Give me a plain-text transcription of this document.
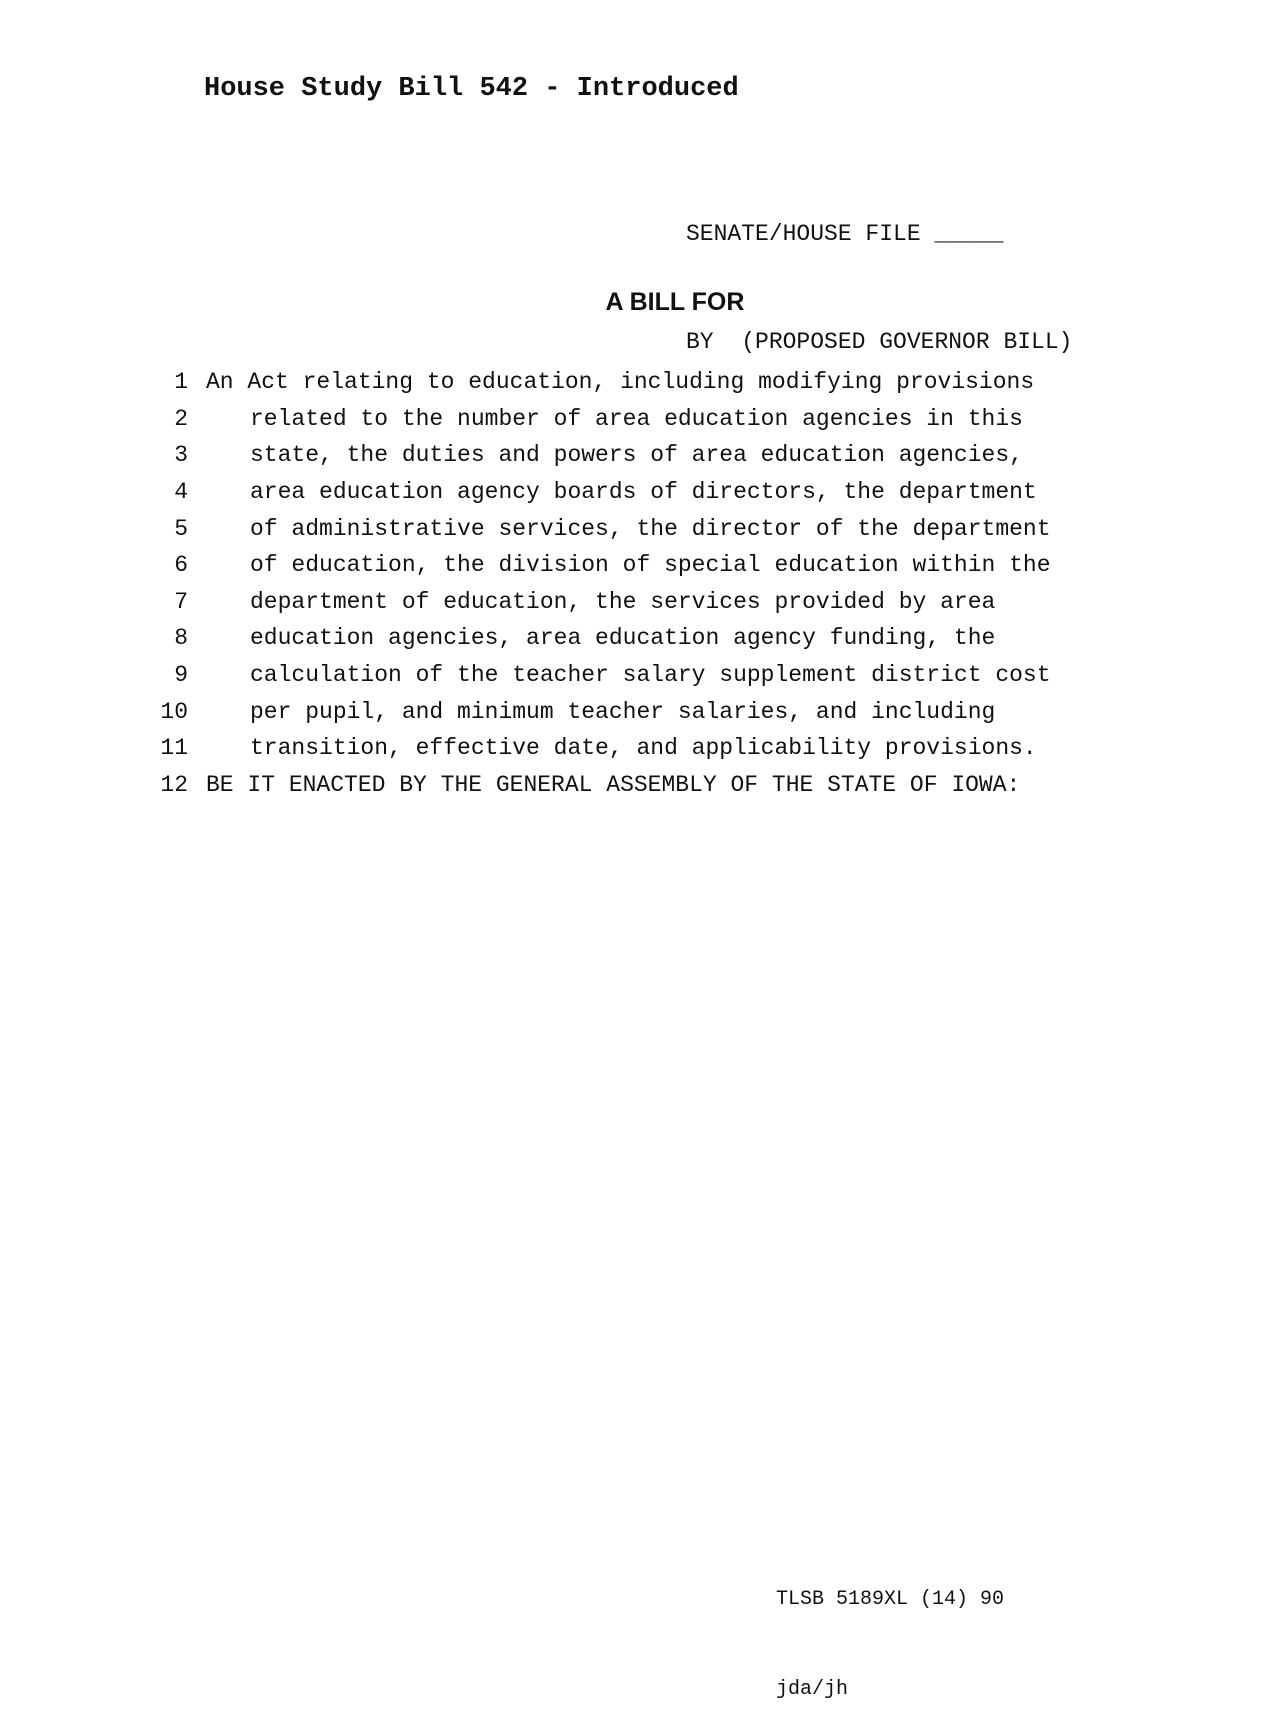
House Study Bill 542 - Introduced

SENATE/HOUSE FILE _____

BY  (PROPOSED GOVERNOR BILL)

A BILL FOR
1 An Act relating to education, including modifying provisions
2	related to the number of area education agencies in this
3	state, the duties and powers of area education agencies,
4	area education agency boards of directors, the department
5	of administrative services, the director of the department
6	of education, the division of special education within the
7	department of education, the services provided by area
8	education agencies, area education agency funding, the
9	calculation of the teacher salary supplement district cost
10	per pupil, and minimum teacher salaries, and including
11	transition, effective date, and applicability provisions.
12 BE IT ENACTED BY THE GENERAL ASSEMBLY OF THE STATE OF IOWA:

TLSB 5189XL (14) 90

jda/jh
